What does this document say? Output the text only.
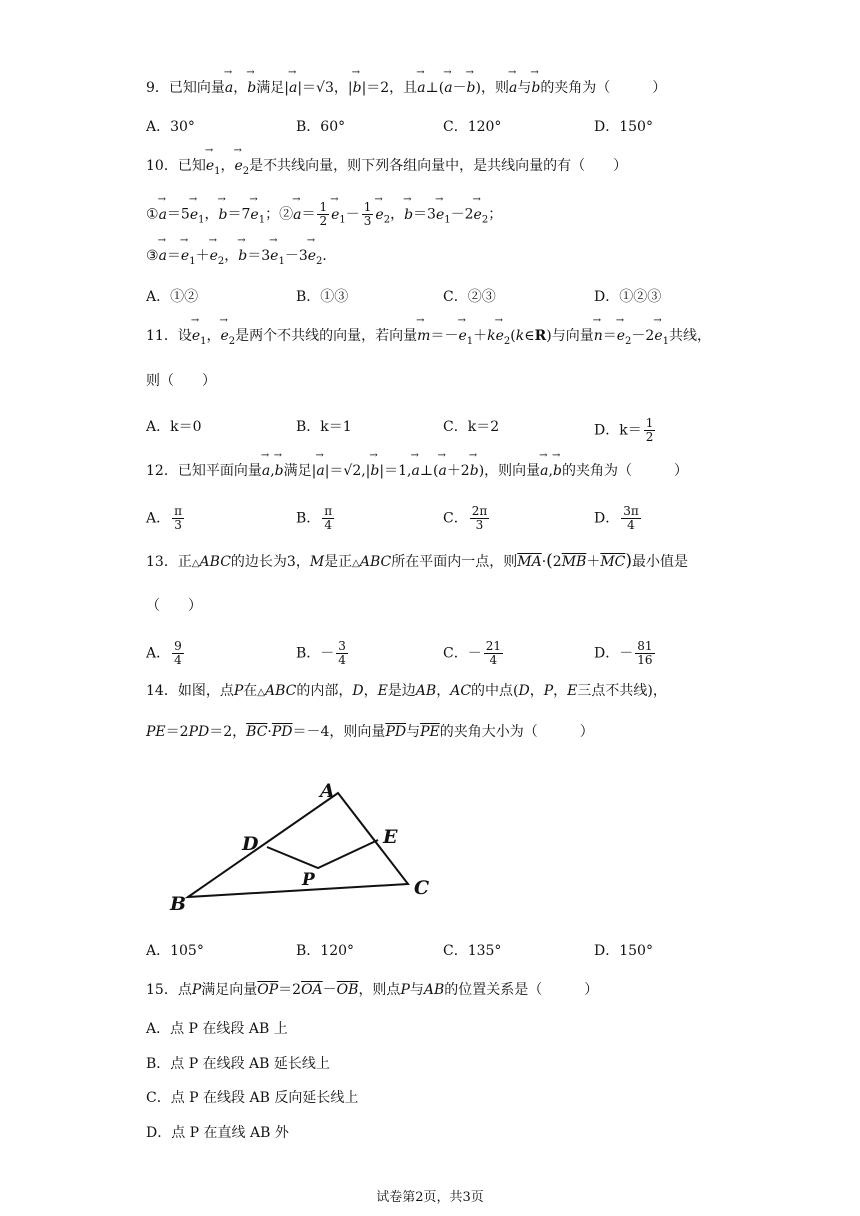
9．已知向量→ a，→ b满足|→ a|＝√3，|→ b|＝2，且→ a⊥(→ a－→ b)，则→ a与→ b的夹角为（　　　）
A．30°	B．60°	C．120°	D．150°
10．已知→ $e_1$，→ $e_2$是不共线向量，则下列各组向量中，是共线向量的有（　　）
①→ $a=5\to e_1$，→ $b=7\to e_1$；②→ $a= \frac{1}{2} \to e_1- \frac{1}{3} \to e_2$，→ $b=3\to e_1-2\to e_2$；
③→ $a=\to e_1+\to e_2$，→ $b=3\to e_1-3\to e_2$．
A．①②	B．①③	C．②③	D．①②③
11．设→ $e_1$，→ $e_2$是两个不共线的向量，若向量→ $m=-\to e_1+k\to$ $e_2(k\in R)$与向量→ $n=\to e_2-2\to e_1$共线，
则（　　）
A．k＝0	B．k＝1	C．k＝2	D．$k= \frac{1}{2}$
12．已知平面向量→ a,→ b满足|→ a|＝√2,|→ b|＝1,→ a⊥(→ a＋2→ b)，则向量→ a,→ b的夹角为（　　　）
A． $\frac{\pi}{3}$	B． $\frac{\pi}{4}$	C． $\frac{2\pi}{3}$	D． $\frac{3\pi}{4}$
13．正△ABC的边长为3，M是正△ABC所在平面内一点，则$\overline{MA}\cdot(2\overline{MB}+\overline{MC})$最小值是
（　　）
A． $\frac{9}{4}$	B．－ $\frac{3}{4}$	C．－ $\frac{21}{4}$	D．－ $\frac{81}{16}$
14．如图，点P在△ABC的内部，D，E是边AB，AC的中点(D，P，E三点不共线)，
PE＝2PD＝2，$\overline{BC}\cdot\overline{PD}=-4$，则向量$\overline{PD}$与$\overline{PE}$的夹角大小为（　　　）
A
B
C
D	E
P
A．105°	B．120°	C．135°	D．150°
15．点P满足向量$\overline{OP}=2\overline{OA}-\overline{OB}$，则点P与AB的位置关系是（　　　）
A．点 P 在线段 AB 上
B．点 P 在线段 AB 延长线上
C．点 P 在线段 AB 反向延长线上
D．点 P 在直线 AB 外
试卷第2页，共3页
